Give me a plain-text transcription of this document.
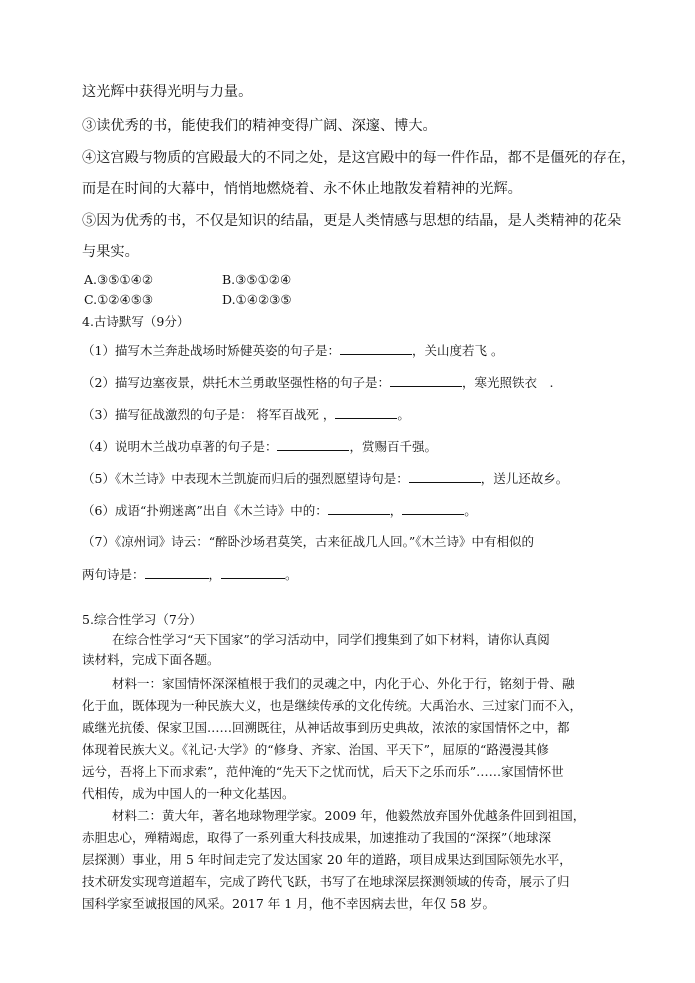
这光辉中获得光明与力量。
③读优秀的书，能使我们的精神变得广阔、深邃、博大。
④这宫殿与物质的宫殿最大的不同之处，是这宫殿中的每一件作品，都不是僵死的存在，
而是在时间的大幕中，悄悄地燃烧着、永不休止地散发着精神的光辉。
⑤因为优秀的书，不仅是知识的结晶，更是人类情感与思想的结晶，是人类精神的花朵
与果实。
A.③⑤①④②	B.③⑤①②④
C.①②④⑤③	D.①④②③⑤
4.古诗默写（9分）
（1）描写木兰奔赴战场时矫健英姿的句子是：	，关山度若飞 。
（2）描写边塞夜景，烘托木兰勇敢坚强性格的句子是：	，寒光照铁衣　.
（3）描写征战激烈的句子是： 将军百战死 ，	。
（4）说明木兰战功卓著的句子是：	，赏赐百千强。
（5）《木兰诗》中表现木兰凯旋而归后的强烈愿望诗句是：	，送儿还故乡。
（6）成语“扑朔迷离”出自《木兰诗》中的：	，	。
（7）《凉州词》诗云：“醉卧沙场君莫笑，古来征战几人回。”《木兰诗》中有相似的
两句诗是：	，	。
5.综合性学习（7分）
在综合性学习“天下国家”的学习活动中，同学们搜集到了如下材料，请你认真阅
读材料，完成下面各题。
材料一：家国情怀深深植根于我们的灵魂之中，内化于心、外化于行，铭刻于骨、融
化于血，既体现为一种民族大义，也是继续传承的文化传统。大禹治水、三过家门而不入，
戚继光抗倭、保家卫国……回溯既往，从神话故事到历史典故，浓浓的家国情怀之中，都
体现着民族大义。《礼记·大学》的“修身、齐家、治国、平天下”，屈原的“路漫漫其修
远兮，吾将上下而求索”，范仲淹的“先天下之忧而忧，后天下之乐而乐”……家国情怀世
代相传，成为中国人的一种文化基因。
材料二：黄大年，著名地球物理学家。2009 年，他毅然放弃国外优越条件回到祖国，
赤胆忠心，殚精竭虑，取得了一系列重大科技成果，加速推动了我国的“深探”（地球深
层探测）事业，用 5 年时间走完了发达国家 20 年的道路，项目成果达到国际领先水平，
技术研发实现弯道超车，完成了跨代飞跃，书写了在地球深层探测领域的传奇，展示了归
国科学家至诚报国的风采。2017 年 1 月，他不幸因病去世，年仅 58 岁。
